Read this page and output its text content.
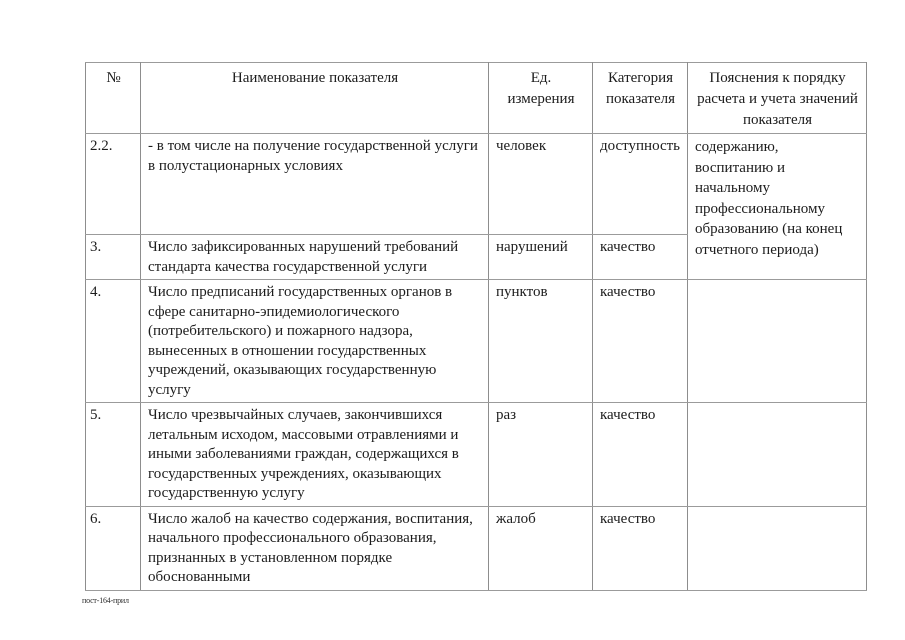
№	Наименование показателя	Ед. измерения	Категория показателя	Пояснения к порядку расчета и учета значений показателя
2.2.	- в том числе на получение государственной услуги в полустационарных условиях	человек	доступность	содержанию, воспитанию и начальному профессиональному образованию (на конец отчетного периода)
3.	Число зафиксированных нарушений требований стандарта качества государственной услуги	нарушений	качество	
4.	Число предписаний государственных органов в сфере санитарно-эпидемиологического (потребительского) и пожарного надзора, вынесенных в отношении государственных учреждений, оказывающих государственную услугу	пунктов	качество	
5.	Число чрезвычайных случаев, закончившихся летальным исходом, массовыми отравлениями и иными заболеваниями граждан, содержащихся в государственных учреждениях, оказывающих государственную услугу	раз	качество	
6.	Число жалоб на качество содержания, воспитания, начального профессионального образования, признанных в установленном порядке обоснованными	жалоб	качество	
пост-164-прил
